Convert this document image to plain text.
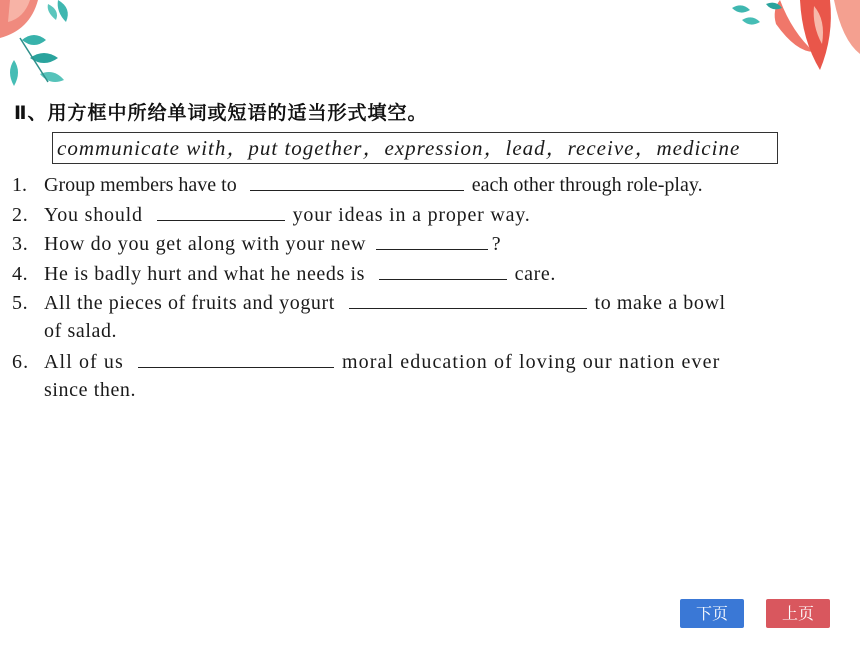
Ⅱ、用方框中所给单词或短语的适当形式填空。
communicate with，put together，expression，lead，receive，medicine
1. Group members have to	each other through role-play.
2. You should	your ideas in a proper way.
3. How do you get along with your new	?
4. He is badly hurt and what he needs is	care.
5. All the pieces of fruits and yogurt	to make a bowl
of salad.
6. All of us	moral education of loving our nation ever
since then.
下页	上页
